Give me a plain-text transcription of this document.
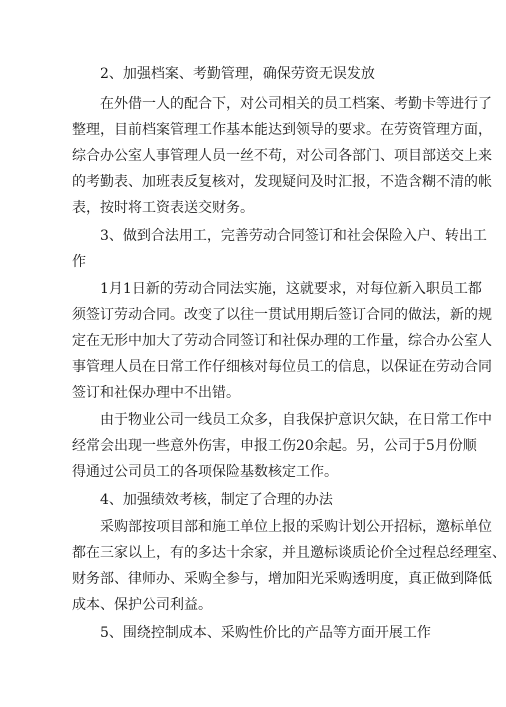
2、加强档案、考勤管理，确保劳资无误发放
在外借一人的配合下，对公司相关的员工档案、考勤卡等进行了
整理，目前档案管理工作基本能达到领导的要求。在劳资管理方面，
综合办公室人事管理人员一丝不苟，对公司各部门、项目部送交上来
的考勤表、加班表反复核对，发现疑问及时汇报，不造含糊不清的帐
表，按时将工资表送交财务。
3、做到合法用工，完善劳动合同签订和社会保险入户、转出工
作
1月1日新的劳动合同法实施，这就要求，对每位新入职员工都
须签订劳动合同。改变了以往一贯试用期后签订合同的做法，新的规
定在无形中加大了劳动合同签订和社保办理的工作量，综合办公室人
事管理人员在日常工作仔细核对每位员工的信息，以保证在劳动合同
签订和社保办理中不出错。
由于物业公司一线员工众多，自我保护意识欠缺，在日常工作中
经常会出现一些意外伤害，申报工伤20余起。另，公司于5月份顺
得通过公司员工的各项保险基数核定工作。
4、加强绩效考核，制定了合理的办法
采购部按项目部和施工单位上报的采购计划公开招标，邀标单位
都在三家以上，有的多达十余家，并且邀标谈质论价全过程总经理室、
财务部、律师办、采购全参与，增加阳光采购透明度，真正做到降低
成本、保护公司利益。
5、围绕控制成本、采购性价比的产品等方面开展工作
